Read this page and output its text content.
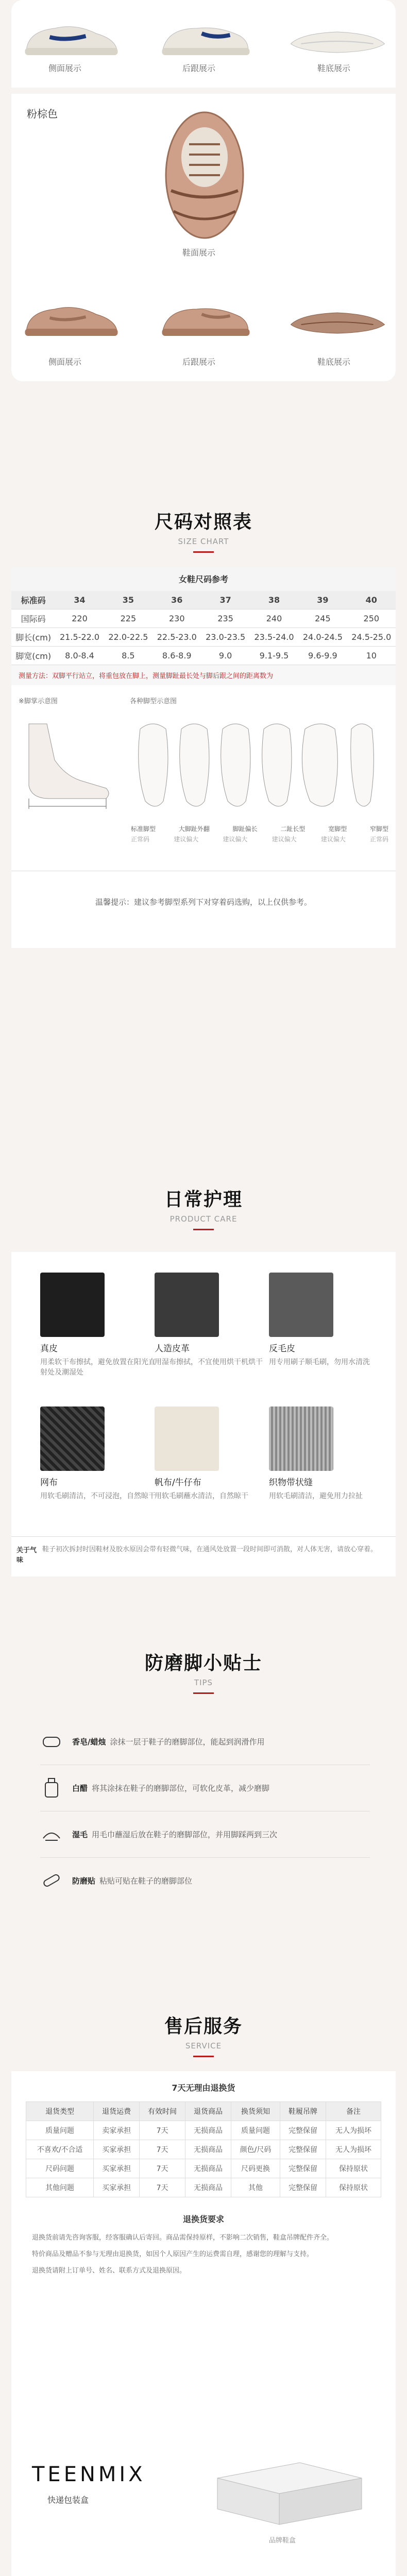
侧面展示	后跟展示	鞋底展示
粉棕色
鞋面展示
侧面展示	后跟展示	鞋底展示
尺码对照表
SIZE CHART
女鞋尺码参考
标准码	34	35	36	37	38	39	40
国际码	220	225	230	235	240	245	250
脚长(cm)	21.5-22.0	22.0-22.5	22.5-23.0	23.0-23.5	23.5-24.0	24.0-24.5	24.5-25.0
脚宽(cm)	8.0-8.4	8.5	8.6-8.9	9.0	9.1-9.5	9.6-9.9	10
测量方法：双脚平行站立，将重包放在脚上，测量脚趾最长处与脚后跟之间的距离数为
※脚掌示意图	各种脚型示意图
标准脚型	大脚趾外翻	脚趾偏长	二趾长型	宽脚型	窄脚型
正常码	建议偏大	建议偏大	建议偏大	建议偏大	正常码
温馨提示：建议参考脚型系列下对穿着码选购，以上仅供参考。
日常护理
PRODUCT CARE
真皮
用柔软干布擦拭，避免放置在阳光直射处及潮湿处
人造皮革
用湿布擦拭，不宜使用烘干机烘干
反毛皮
用专用刷子顺毛刷，勿用水清洗
网布
用软毛刷清洁，不可浸泡，自然晾干
帆布/牛仔布
用软毛刷蘸水清洁，自然晾干
织物带状缝
用软毛刷清洁，避免用力拉扯
关于气味
鞋子初次拆封时因鞋材及胶水原因会带有轻微气味，在通风处放置一段时间即可消散，对人体无害，请放心穿着。
防磨脚小贴士
TIPS
香皂/蜡烛 涂抹一层于鞋子的磨脚部位，能起到润滑作用
白醋 将其涂抹在鞋子的磨脚部位，可软化皮革，减少磨脚
湿毛 用毛巾蘸湿后放在鞋子的磨脚部位，并用脚踩两到三次
防磨贴 粘贴可贴在鞋子的磨脚部位
售后服务
SERVICE
7天无理由退换货
退货类型	退货运费	有效时间	退货商品	换货须知	鞋履吊牌	备注
质量问题	卖家承担	7天	无损商品	质量问题	完整保留	无人为损坏
不喜欢/不合适	买家承担	7天	无损商品	颜色/尺码	完整保留	无人为损坏
尺码问题	买家承担	7天	无损商品	尺码更换	完整保留	保持原状
其他问题	买家承担	7天	无损商品	其他	完整保留	保持原状
退换货要求
退换货前请先咨询客服，经客服确认后寄回。商品需保持原样，不影响二次销售，鞋盒吊牌配件齐全。
特价商品及赠品不参与无理由退换货，如因个人原因产生的运费需自理，感谢您的理解与支持。
退换货请附上订单号、姓名、联系方式及退换原因。
TEENMIX
快递包装盒
品牌鞋盒
